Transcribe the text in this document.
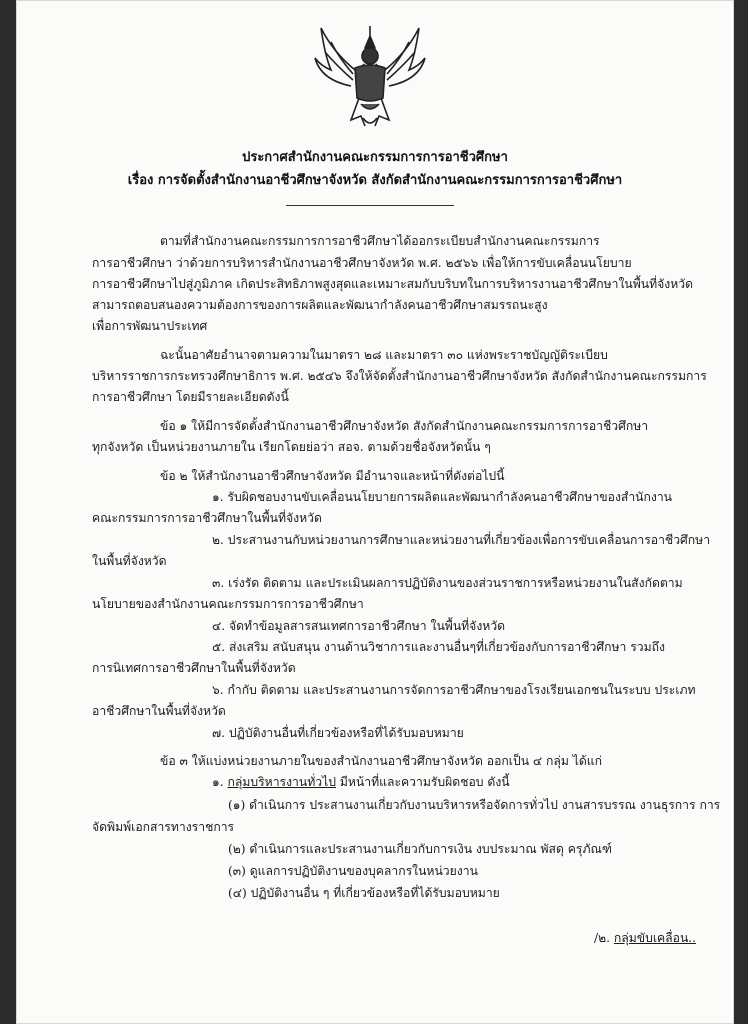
ประกาศสำนักงานคณะกรรมการการอาชีวศึกษา
เรื่อง การจัดตั้งสำนักงานอาชีวศึกษาจังหวัด สังกัดสำนักงานคณะกรรมการการอาชีวศึกษา
ตามที่สำนักงานคณะกรรมการการอาชีวศึกษาได้ออกระเบียบสำนักงานคณะกรรมการ
การอาชีวศึกษา ว่าด้วยการบริหารสำนักงานอาชีวศึกษาจังหวัด พ.ศ. ๒๕๖๖ เพื่อให้การขับเคลื่อนนโยบาย
การอาชีวศึกษาไปสู่ภูมิภาค เกิดประสิทธิภาพสูงสุดและเหมาะสมกับบริบทในการบริหารงานอาชีวศึกษาในพื้นที่จังหวัด
สามารถตอบสนองความต้องการของการผลิตและพัฒนากำลังคนอาชีวศึกษาสมรรถนะสูง
เพื่อการพัฒนาประเทศ
ฉะนั้นอาศัยอำนาจตามความในมาตรา ๒๘ และมาตรา ๓๐ แห่งพระราชบัญญัติระเบียบ
บริหารราชการกระทรวงศึกษาธิการ พ.ศ. ๒๕๔๖ จึงให้จัดตั้งสำนักงานอาชีวศึกษาจังหวัด สังกัดสำนักงานคณะกรรมการ
การอาชีวศึกษา โดยมีรายละเอียดดังนี้
ข้อ ๑ ให้มีการจัดตั้งสำนักงานอาชีวศึกษาจังหวัด สังกัดสำนักงานคณะกรรมการการอาชีวศึกษา
ทุกจังหวัด เป็นหน่วยงานภายใน เรียกโดยย่อว่า สอจ. ตามด้วยชื่อจังหวัดนั้น ๆ
ข้อ ๒ ให้สำนักงานอาชีวศึกษาจังหวัด มีอำนาจและหน้าที่ดังต่อไปนี้
๑. รับผิดชอบงานขับเคลื่อนนโยบายการผลิตและพัฒนากำลังคนอาชีวศึกษาของสำนักงาน
คณะกรรมการการอาชีวศึกษาในพื้นที่จังหวัด
๒. ประสานงานกับหน่วยงานการศึกษาและหน่วยงานที่เกี่ยวข้องเพื่อการขับเคลื่อนการอาชีวศึกษา
ในพื้นที่จังหวัด
๓. เร่งรัด ติดตาม และประเมินผลการปฏิบัติงานของส่วนราชการหรือหน่วยงานในสังกัดตาม
นโยบายของสำนักงานคณะกรรมการการอาชีวศึกษา
๔. จัดทำข้อมูลสารสนเทศการอาชีวศึกษา ในพื้นที่จังหวัด
๕. ส่งเสริม สนับสนุน งานด้านวิชาการและงานอื่นๆที่เกี่ยวข้องกับการอาชีวศึกษา รวมถึง
การนิเทศการอาชีวศึกษาในพื้นที่จังหวัด
๖. กำกับ ติดตาม และประสานงานการจัดการอาชีวศึกษาของโรงเรียนเอกชนในระบบ ประเภท
อาชีวศึกษาในพื้นที่จังหวัด
๗. ปฏิบัติงานอื่นที่เกี่ยวข้องหรือที่ได้รับมอบหมาย
ข้อ ๓ ให้แบ่งหน่วยงานภายในของสำนักงานอาชีวศึกษาจังหวัด ออกเป็น ๔ กลุ่ม ได้แก่
๑. กลุ่มบริหารงานทั่วไป มีหน้าที่และความรับผิดชอบ ดังนี้
(๑) ดำเนินการ ประสานงานเกี่ยวกับงานบริหารหรือจัดการทั่วไป งานสารบรรณ งานธุรการ การ
จัดพิมพ์เอกสารทางราชการ
(๒) ดำเนินการและประสานงานเกี่ยวกับการเงิน งบประมาณ พัสดุ ครุภัณฑ์
(๓) ดูแลการปฏิบัติงานของบุคลากรในหน่วยงาน
(๔) ปฏิบัติงานอื่น ๆ ที่เกี่ยวข้องหรือที่ได้รับมอบหมาย
/๒. กลุ่มขับเคลื่อน..
